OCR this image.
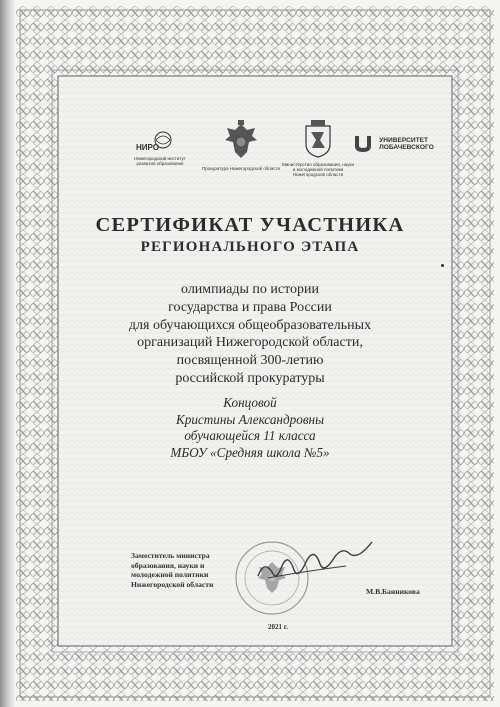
НИРО
Нижегородский институт развития образования
Прокуратура Нижегородской области
Министерство образования, науки и молодежной политики Нижегородской области
УНИВЕРСИТЕТ
ЛОБАЧЕВСКОГО
СЕРТИФИКАТ УЧАСТНИКА
РЕГИОНАЛЬНОГО ЭТАПА
олимпиады по истории
государства и права России
для обучающихся общеобразовательных
организаций Нижегородской области,
посвященной 300-летию
российской прокуратуры
Концовой
Кристины Александровны
обучающейся 11 класса
МБОУ «Средняя школа №5»
Заместитель министра
образования, науки и
молодежной политики
Нижегородской области
М.В.Банникова
2021 г.
